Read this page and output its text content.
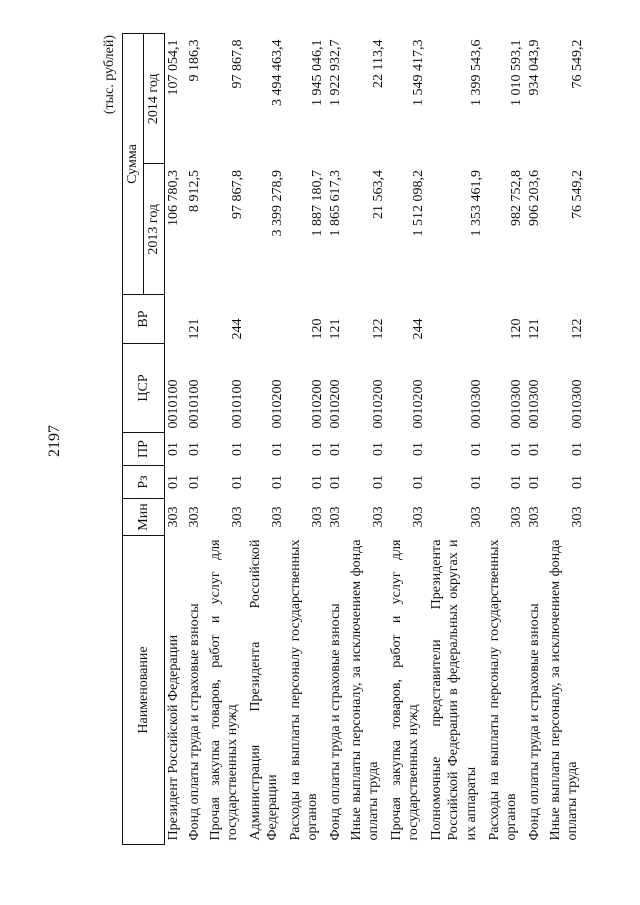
2197
(тыс. рублей)
Наименование	Мин	Рз	ПР	ЦСР	ВР	Сумма	
						2013 год	2014 год
Президент Российской Федерации	303	01	01	0010100		106 780,3	107 054,1
Фонд оплаты труда и страховые взносы	303	01	01	0010100	121	8 912,5	9 186,3
Прочая закупка товаров, работ и услуг для государственных нужд	303	01	01	0010100	244	97 867,8	97 867,8
Администрация Президента Российской Федерации	303	01	01	0010200		3 399 278,9	3 494 463,4
Расходы на выплаты персоналу государственных органов	303	01	01	0010200	120	1 887 180,7	1 945 046,1
Фонд оплаты труда и страховые взносы	303	01	01	0010200	121	1 865 617,3	1 922 932,7
Иные выплаты персоналу, за исключением фонда оплаты труда	303	01	01	0010200	122	21 563,4	22 113,4
Прочая закупка товаров, работ и услуг для государственных нужд	303	01	01	0010200	244	1 512 098,2	1 549 417,3
Полномочные представители Президента Российской Федерации в федеральных округах и их аппараты	303	01	01	0010300		1 353 461,9	1 399 543,6
Расходы на выплаты персоналу государственных органов	303	01	01	0010300	120	982 752,8	1 010 593,1
Фонд оплаты труда и страховые взносы	303	01	01	0010300	121	906 203,6	934 043,9
Иные выплаты персоналу, за исключением фонда оплаты труда	303	01	01	0010300	122	76 549,2	76 549,2
